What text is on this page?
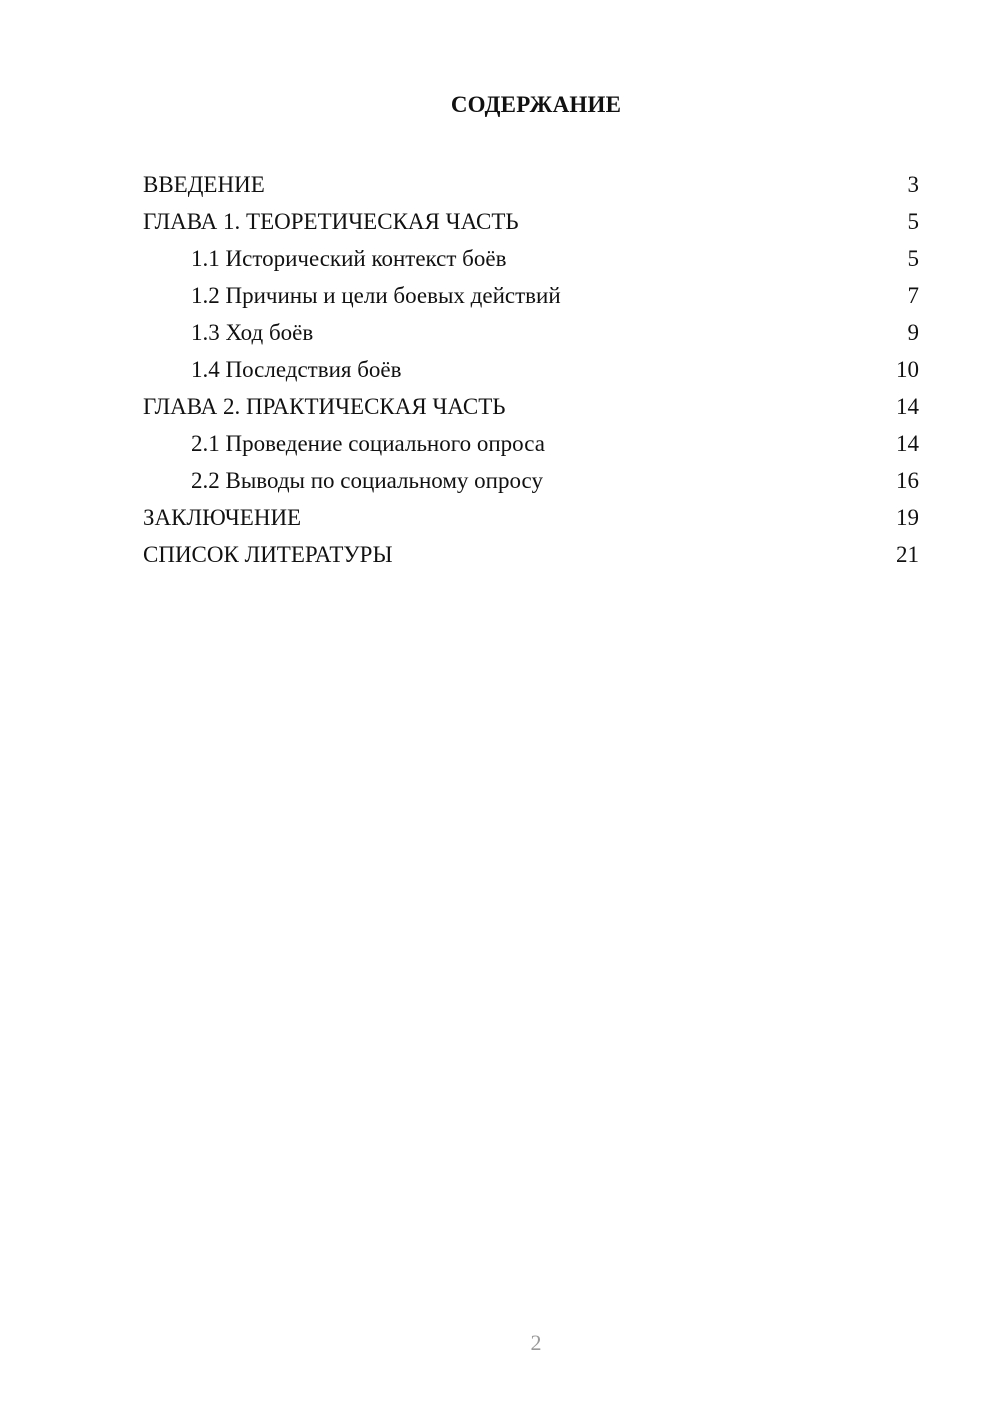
СОДЕРЖАНИЕ
ВВЕДЕНИЕ	3
ГЛАВА 1. ТЕОРЕТИЧЕСКАЯ ЧАСТЬ	5
1.1 Исторический контекст боёв	5
1.2 Причины и цели боевых действий	7
1.3 Ход боёв	9
1.4 Последствия боёв	10
ГЛАВА 2. ПРАКТИЧЕСКАЯ ЧАСТЬ	14
2.1 Проведение социального опроса	14
2.2 Выводы по социальному опросу	16
ЗАКЛЮЧЕНИЕ	19
СПИСОК ЛИТЕРАТУРЫ	21
2
